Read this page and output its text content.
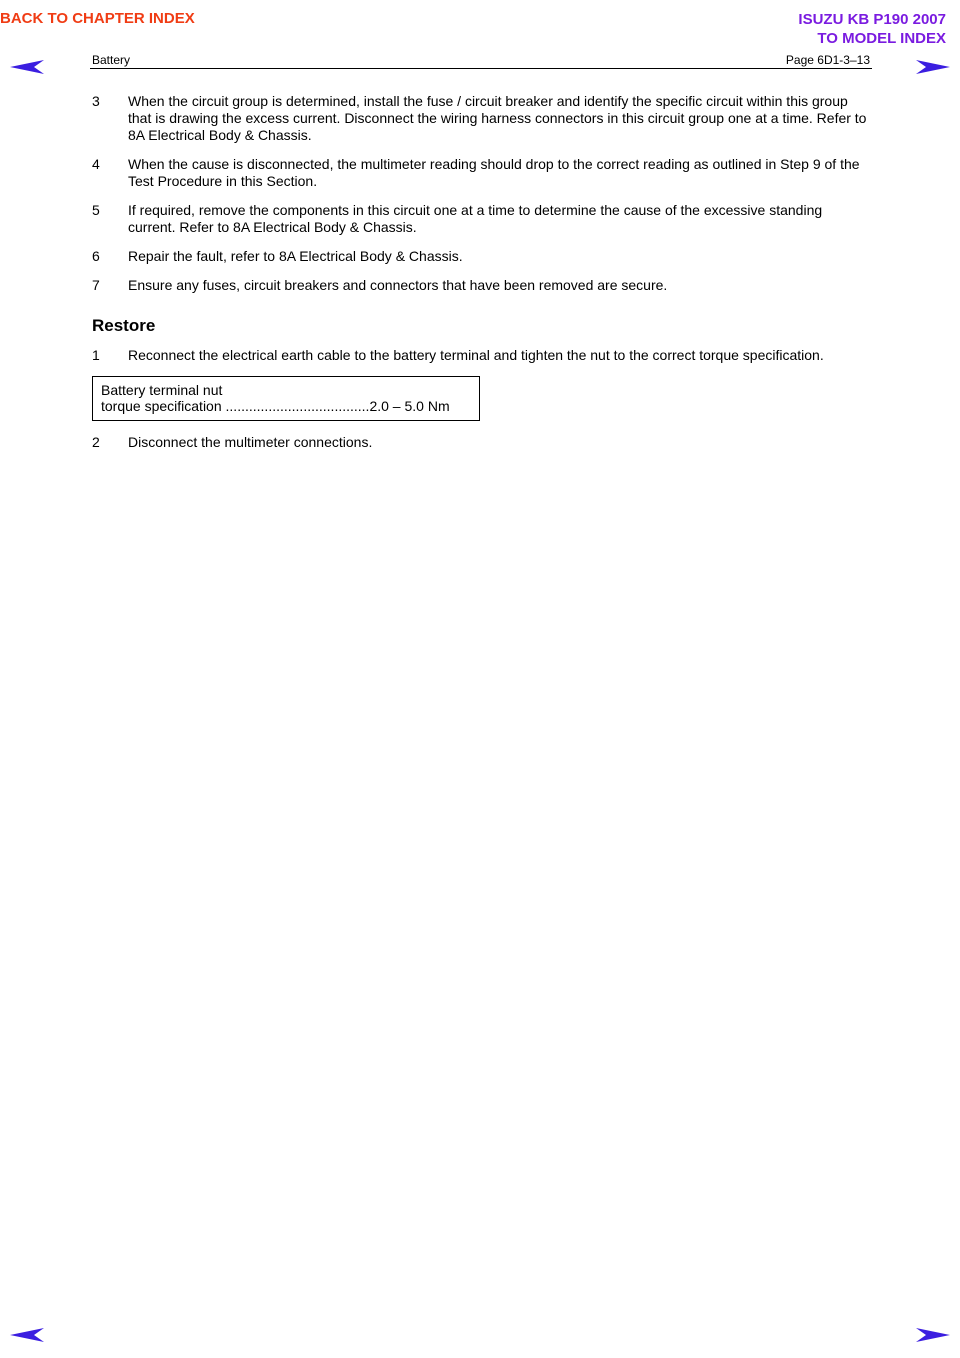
BACK TO CHAPTER INDEX	ISUZU KB P190 2007
TO MODEL INDEX
Battery	Page 6D1-3–13
3 When the circuit group is determined, install the fuse / circuit breaker and identify the specific circuit within this group that is drawing the excess current. Disconnect the wiring harness connectors in this circuit group one at a time. Refer to 8A Electrical Body & Chassis.
4 When the cause is disconnected, the multimeter reading should drop to the correct reading as outlined in Step 9 of the Test Procedure in this Section.
5 If required, remove the components in this circuit one at a time to determine the cause of the excessive standing current. Refer to 8A Electrical Body & Chassis.
6 Repair the fault, refer to 8A Electrical Body & Chassis.
7 Ensure any fuses, circuit breakers and connectors that have been removed are secure.
Restore
1 Reconnect the electrical earth cable to the battery terminal and tighten the nut to the correct torque specification.
Battery terminal nut
torque specification .....................................2.0 – 5.0 Nm
2 Disconnect the multimeter connections.
